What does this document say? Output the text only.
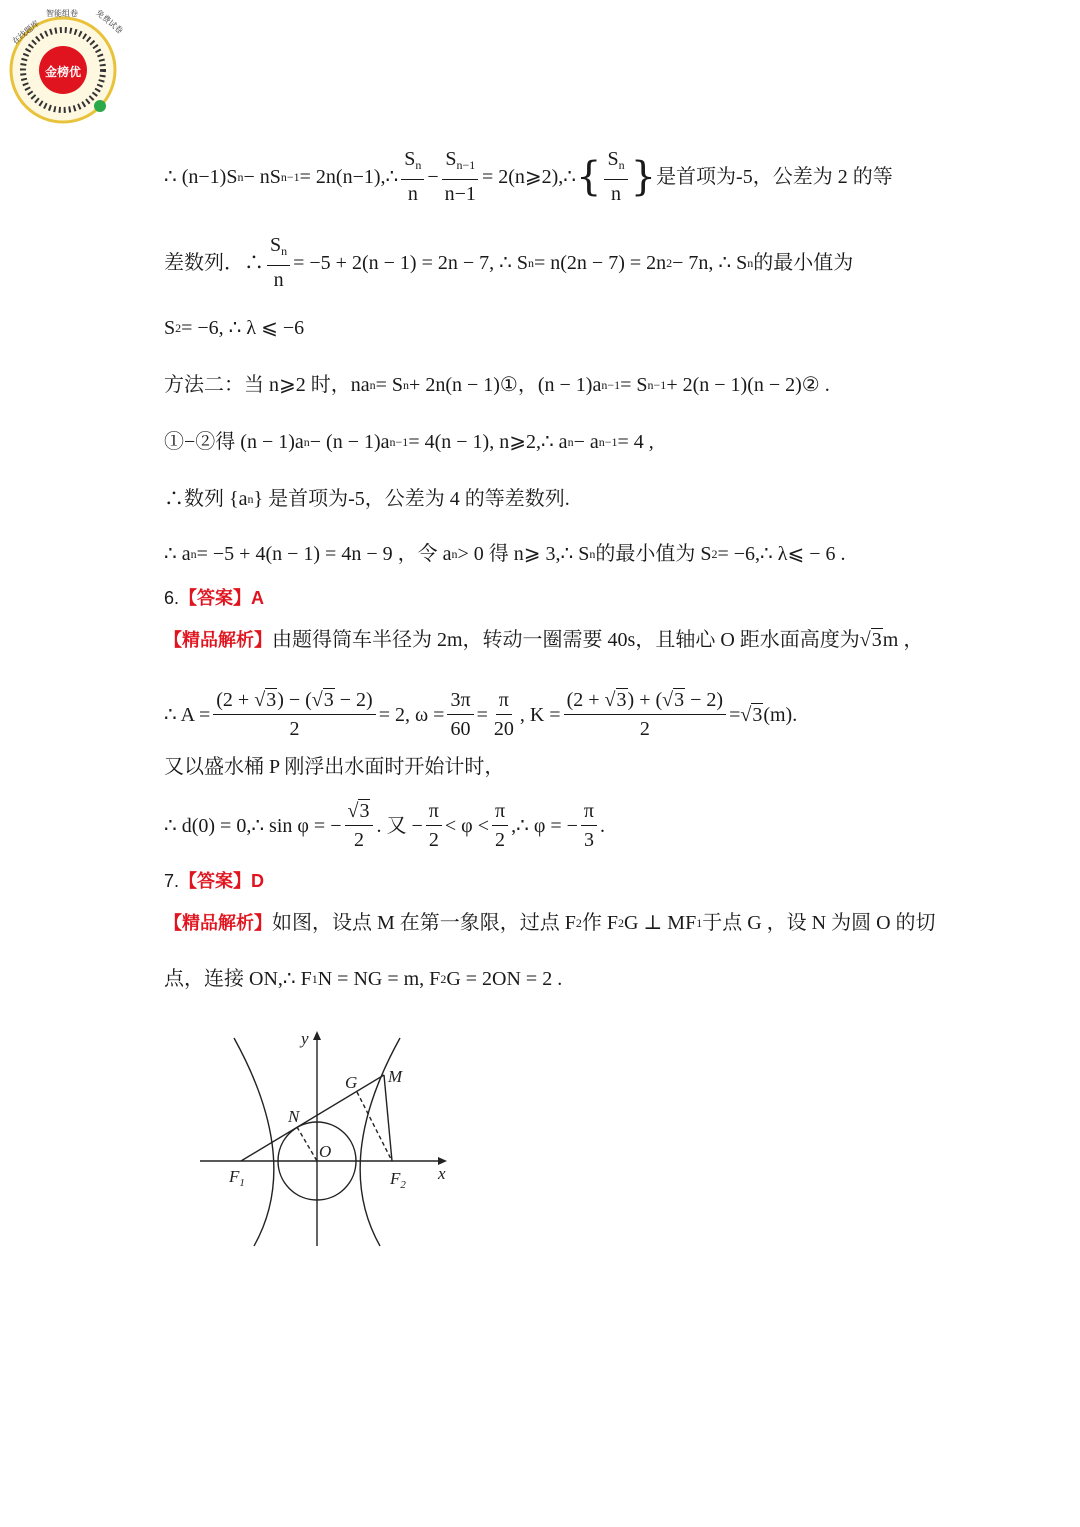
金榜优
在线题库
智能组卷 免费试卷
∴ (n−1)S n − nS n−1 = 2n(n−1),∴ $\frac{S_n}{n} - \frac{S_{n-1}}{n-1}$ = 2(n⩾2),∴ { $\frac{S_n}{n}$ } 是首项为-5，公差为 2 的等
差数列．∴ $\frac{S_n}{n} = -5 + 2(n - 1) = 2n - 7$, ∴ S n = n(2n − 7) = 2n 2 − 7n, ∴ S n 的最小值为
S 2 = −6, ∴ λ ⩽ −6
方法二：当 n⩾2 时，na n = S n + 2n(n − 1)①，(n − 1)a n−1 = S n−1 + 2(n − 1)(n − 2)② .
①−②得 (n − 1)a n − (n − 1)a n−1 = 4(n − 1), n⩾2,∴ a n − a n−1 = 4 ,
∴数列 {a n } 是首项为-5，公差为 4 的等差数列.
∴ a n = −5 + 4(n − 1) = 4n − 9 ，令 a n > 0 得 n⩾ 3,∴ S n 的最小值为 S 2 = −6,∴ λ⩽ − 6 .
6. 【答案】 A
【精品解析】 由题得筒车半径为 2m，转动一圈需要 40s，且轴心 O 距水面高度为 √3 m ，
∴ $A = \frac{(2 + √3) - (√3 - 2)}{2} = 2$, $\omega = \frac{3\pi}{60} = \frac{\pi}{20}$ , $K = \frac{(2 + √3) + (√3 - 2)}{2} = √3$ (m).
又以盛水桶 P 刚浮出水面时开始计时，
∴ d(0) = 0,∴ sin φ = − $\frac{√3}{2}$ . 又 − $\frac{\pi}{2} < \varphi < \frac{\pi}{2}$ ,∴ φ = − $\frac{\pi}{3}$ .
7. 【答案】 D
【精品解析】 如图，设点 M 在第一象限，过点 F 2 作 F 2 G ⊥ MF 1 于点 G ，设 N 为圆 O 的切
点，连接 ON,∴ F 1 N = NG = m, F 2 G = 2ON = 2 .
y
x
O
N
G M
$F_1$	$F_2$
